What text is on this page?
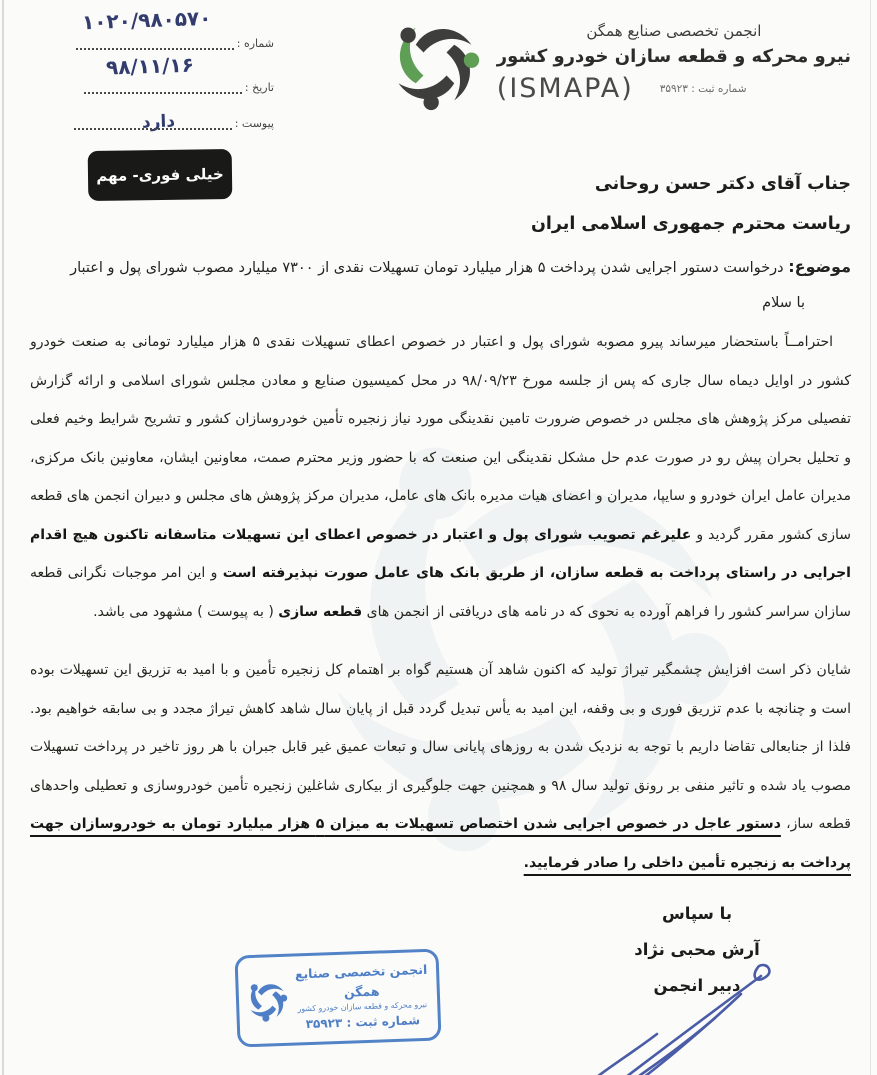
۱۰۲۰/۹۸۰۵۷۰
شماره :
۹۸/۱۱/۱۶
تاریخ :
دارد	پیوست :
انجمن تخصصی صنایع همگن
نیرو محرکه و قطعه سازان خودرو کشور
(ISMAPA) شماره ثبت : ۳۵۹۲۳
خیلی فوری- مهم	جناب آقای دکتر حسن روحانی
ریاست محترم جمهوری اسلامی ایران
موضوع: درخواست دستور اجرایی شدن پرداخت ۵ هزار میلیارد تومان تسهیلات نقدی از ۷۳۰۰ میلیارد مصوب شورای پول و اعتبار
با سلام

احترامــاً باستحضار میرساند پیرو مصوبه شورای پول و اعتبار در خصوص اعطای تسهیلات نقدی ۵ هزار میلیارد تومانی به صنعت خودرو کشور در اوایل دیماه سال جاری که پس از جلسه مورخ ۹۸/۰۹/۲۳ در محل کمیسیون صنایع و معادن مجلس شورای اسلامی و ارائه گزارش تفصیلی مرکز پژوهش های مجلس در خصوص ضرورت تامین نقدینگی مورد نیاز زنجیره تأمین خودروسازان کشور و تشریح شرایط وخیم فعلی و تحلیل بحران پیش رو در صورت عدم حل مشکل نقدینگی این صنعت که با حضور وزیر محترم صمت، معاونین ایشان، معاونین بانک مرکزی، مدیران عامل ایران خودرو و سایپا، مدیران و اعضای هیات مدیره بانک های عامل، مدیران مرکز پژوهش های مجلس و دبیران انجمن های قطعه سازی کشور مقرر گردید و علیرغم تصویب شورای پول و اعتبار در خصوص اعطای این تسهیلات متاسفانه تاکنون هیچ اقدام اجرایی در راستای پرداخت به قطعه سازان، از طریق بانک های عامل صورت نپذیرفته است و این امر موجبات نگرانی قطعه سازان سراسر کشور را فراهم آورده به نحوی که در نامه های دریافتی از انجمن های قطعه سازی ( به پیوست ) مشهود می باشد.

شایان ذکر است افزایش چشمگیر تیراژ تولید که اکنون شاهد آن هستیم گواه بر اهتمام کل زنجیره تأمین و با امید به تزریق این تسهیلات بوده است و چنانچه با عدم تزریق فوری و بی وقفه، این امید به یأس تبدیل گردد قبل از پایان سال شاهد کاهش تیراژ مجدد و بی سابقه خواهیم بود. فلذا از جنابعالی تقاضا داریم با توجه به نزدیک شدن به روزهای پایانی سال و تبعات عمیق غیر قابل جبران با هر روز تاخیر در پرداخت تسهیلات مصوب یاد شده و تاثیر منفی بر رونق تولید سال ۹۸ و همچنین جهت جلوگیری از بیکاری شاغلین زنجیره تأمین خودروسازی و تعطیلی واحدهای قطعه ساز، دستور عاجل در خصوص اجرایی شدن اختصاص تسهیلات به میزان ۵ هزار میلیارد تومان به خودروسازان جهت پرداخت به زنجیره تأمین داخلی را صادر فرمایید.

با سپاس
آرش محبی نژاد
دبیر انجمن
انجمن تخصصی صنایع همگن
نیرو محرکه و قطعه سازان خودرو کشور
شماره ثبت : ۳۵۹۲۳
